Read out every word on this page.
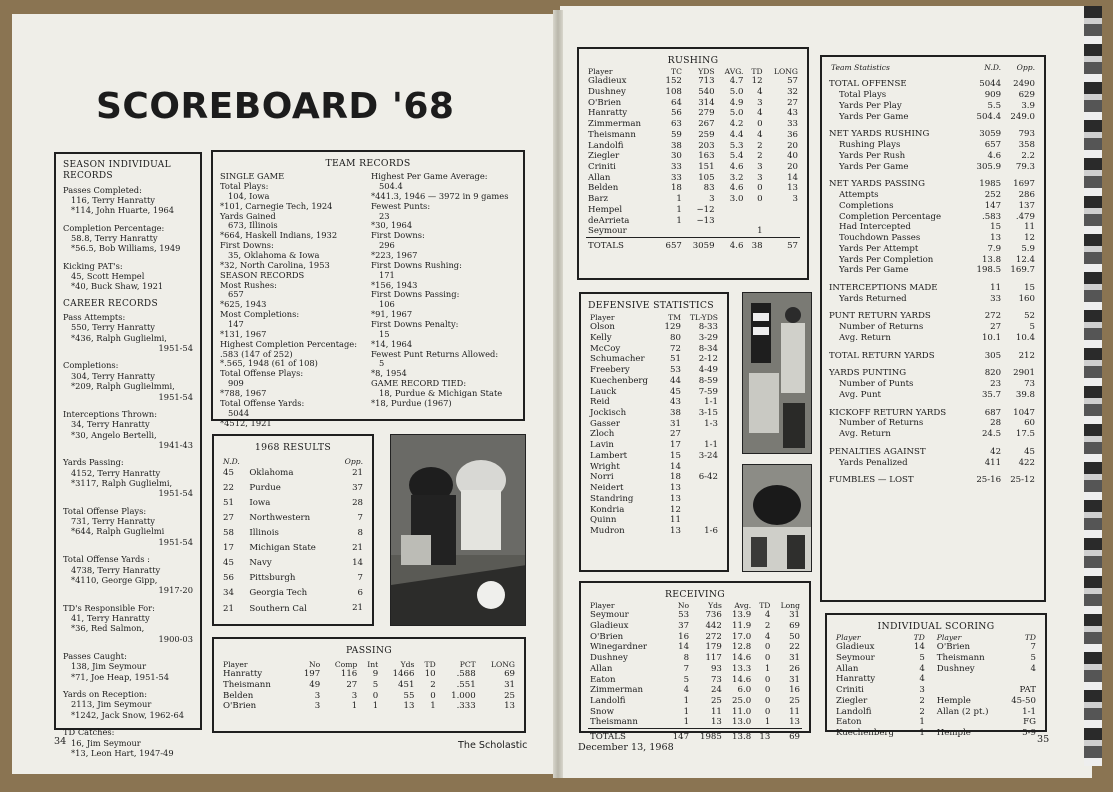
SCOREBOARD '68
SEASON INDIVIDUAL RECORDS
Passes Completed:
116, Terry Hanratty
*114, John Huarte, 1964
Completion Percentage:
58.8, Terry Hanratty
*56.5, Bob Williams, 1949
Kicking PAT's:
45, Scott Hempel
*40, Buck Shaw, 1921
CAREER RECORDS
Pass Attempts:
550, Terry Hanratty
*436, Ralph Guglielmi,
1951-54
Completions:
304, Terry Hanratty
*209, Ralph Guglielmmi,
1951-54
Interceptions Thrown:
34, Terry Hanratty
*30, Angelo Bertelli,
1941-43
Yards Passing:
4152, Terry Hanratty
*3117, Ralph Guglielmi,
1951-54
Total Offense Plays:
731, Terry Hanratty
*644, Ralph Guglielmi
1951-54
Total Offense Yards :
4738, Terry Hanratty
*4110, George Gipp,
1917-20
TD's Responsible For:
41, Terry Hanratty
*36, Red Salmon,
1900-03
Passes Caught:
138, Jim Seymour
*71, Joe Heap, 1951-54
Yards on Reception:
2113, Jim Seymour
*1242, Jack Snow, 1962-64
TD Catches:
16, Jim Seymour
*13, Leon Hart, 1947-49
TEAM RECORDS
SINGLE GAME
Total Plays:
104, Iowa
*101, Carnegie Tech, 1924
Yards Gained
673, Illinois
*664, Haskell Indians, 1932
First Downs:
35, Oklahoma & Iowa
*32, North Carolina, 1953
SEASON RECORDS
Most Rushes:
657
*625, 1943
Most Completions:
147
*131, 1967
Highest Completion Percentage:
.583 (147 of 252)
*.565, 1948 (61 of 108)
Total Offense Plays:
909
*788, 1967
Total Offense Yards:
5044
*4512, 1921
Highest Per Game Average:
504.4
*441.3, 1946 — 3972 in 9 games
Fewest Punts:
23
*30, 1964
First Downs:
296
*223, 1967
First Downs Rushing:
171
*156, 1943
First Downs Passing:
106
*91, 1967
First Downs Penalty:
15
*14, 1964
Fewest Punt Returns Allowed:
5
*8, 1954
GAME RECORD TIED:
18, Purdue & Michigan State
*18, Purdue (1967)
1968 RESULTS
N.D.		Opp.
45	Oklahoma	21
22	Purdue	37
51	Iowa	28
27	Northwestern	7
58	Illinois	8
17	Michigan State	21
45	Navy	14
56	Pittsburgh	7
34	Georgia Tech	6
21	Southern Cal	21
PASSING
Player	No	Comp	Int	Yds	TD	PCT	LONG
Hanratty	197	116	9	1466	10	.588	69
Theismann	49	27	5	451	2	.551	31
Belden	3	3	0	55	0	1.000	25
O'Brien	3	1	1	13	1	.333	13
RUSHING
Player	TC	YDS	AVG.	TD	LONG
Gladieux	152	713	4.7	12	57
Dushney	108	540	5.0	4	32
O'Brien	64	314	4.9	3	27
Hanratty	56	279	5.0	4	43
Zimmerman	63	267	4.2	0	33
Theismann	59	259	4.4	4	36
Landolfi	38	203	5.3	2	20
Ziegler	30	163	5.4	2	40
Criniti	33	151	4.6	3	20
Allan	33	105	3.2	3	14
Belden	18	83	4.6	0	13
Barz	1	3	3.0	0	3
Hempel	1	−12			
deArrieta	1	−13			
Seymour				1	
TOTALS	657	3059	4.6	38	57
DEFENSIVE STATISTICS
Player	TM	TL-YDS
Olson	129	8-33
Kelly	80	3-29
McCoy	72	8-34
Schumacher	51	2-12
Freebery	53	4-49
Kuechenberg	44	8-59
Lauck	45	7-59
Reid	43	1-1
Jockisch	38	3-15
Gasser	31	1-3
Zloch	27	
Lavin	17	1-1
Lambert	15	3-24
Wright	14	
Norri	18	6-42
Neidert	13	
Standring	13	
Kondria	12	
Quinn	11	
Mudron	13	1-6
RECEIVING
Player	No	Yds	Avg.	TD	Long
Seymour	53	736	13.9	4	31
Gladieux	37	442	11.9	2	69
O'Brien	16	272	17.0	4	50
Winegardner	14	179	12.8	0	22
Dushney	8	117	14.6	0	31
Allan	7	93	13.3	1	26
Eaton	5	73	14.6	0	31
Zimmerman	4	24	6.0	0	16
Landolfi	1	25	25.0	0	25
Snow	1	11	11.0	0	11
Theismann	1	13	13.0	1	13
TOTALS	147	1985	13.8	13	69
Team Statistics	N.D.	Opp.
TOTAL OFFENSE	5044	2490
Total Plays	909	629
Yards Per Play	5.5	3.9
Yards Per Game	504.4	249.0
NET YARDS RUSHING	3059	793
Rushing Plays	657	358
Yards Per Rush	4.6	2.2
Yards Per Game	305.9	79.3
NET YARDS PASSING	1985	1697
Attempts	252	286
Completions	147	137
Completion Percentage	.583	.479
Had Intercepted	15	11
Touchdown Passes	13	12
Yards Per Attempt	7.9	5.9
Yards Per Completion	13.8	12.4
Yards Per Game	198.5	169.7
INTERCEPTIONS MADE	11	15
Yards Returned	33	160
PUNT RETURN YARDS	272	52
Number of Returns	27	5
Avg. Return	10.1	10.4
TOTAL RETURN YARDS	305	212
YARDS PUNTING	820	2901
Number of Punts	23	73
Avg. Punt	35.7	39.8
KICKOFF RETURN YARDS	687	1047
Number of Returns	28	60
Avg. Return	24.5	17.5
PENALTIES AGAINST	42	45
Yards Penalized	411	422
FUMBLES — LOST	25-16	25-12
INDIVIDUAL SCORING
Player	TD	Player	TD
Gladieux	14	O'Brien	7
Seymour	5	Theismann	5
Allan	4	Dushney	4
Hanratty	4		
Criniti	3		PAT
Ziegler	2	Hemple	45-50
Landolfi	2	Allan (2 pt.)	1-1
Eaton	1		FG
Kuechenberg	1	Hemple	5-9
34	The Scholastic	December 13, 1968
35
